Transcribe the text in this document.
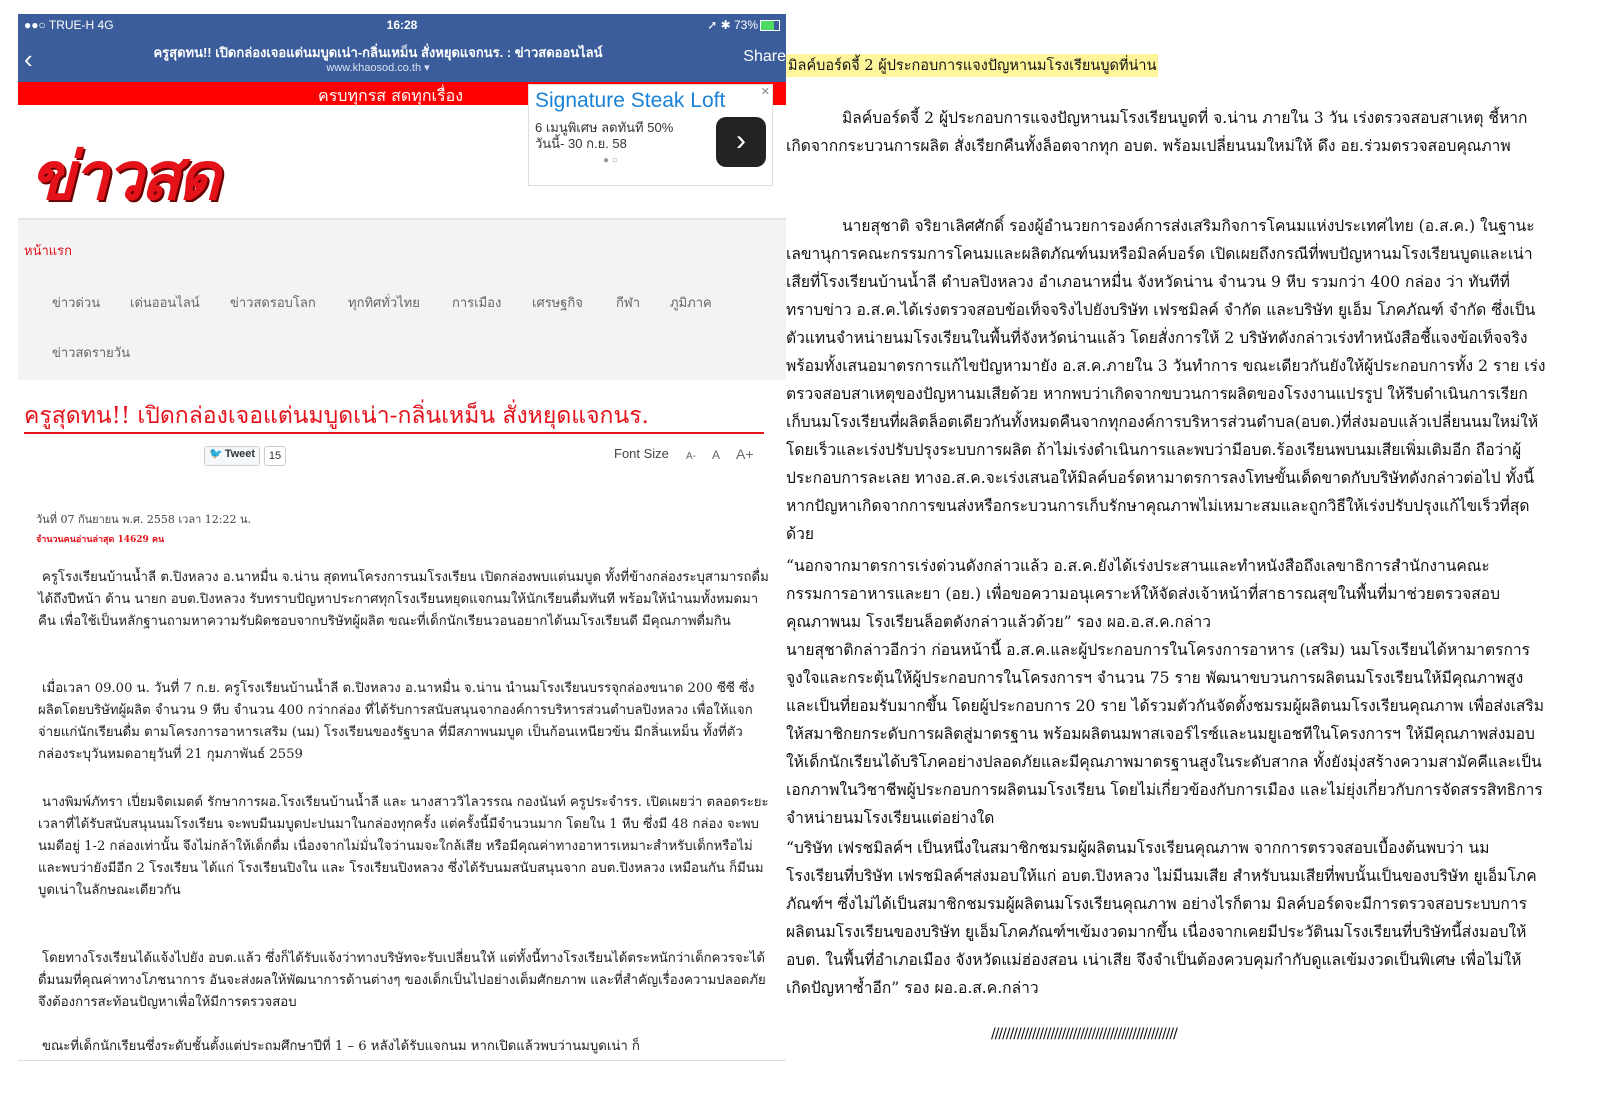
●●○ TRUE-H 4G	16:28	➚ ✱ 73%
‹	ครูสุดทน!! เปิดกล่องเจอแต่นมบูดเน่า-กลิ่นเหม็น สั่งหยุดแจกนร. : ข่าวสดออนไลน์
www.khaosod.co.th ▾
Share
ครบทุกรส สดทุกเรื่อง
ข่าวสด
Signature Steak Loft
6 เมนูพิเศษ ลดทันที 50%
วันนี้- 30 ก.ย. 58	›
✕
● ○
หน้าแรก
ข่าวด่วน เด่นออนไลน์ ข่าวสดรอบโลก ทุกทิศทั่วไทย การเมือง เศรษฐกิจ	กีฬา ภูมิภาค
ข่าวสดรายวัน
ครูสุดทน!! เปิดกล่องเจอแต่นมบูดเน่า-กลิ่นเหม็น สั่งหยุดแจกนร.
🐦 Tweet	15	Font Size A- A A+
วันที่ 07 กันยายน พ.ศ. 2558 เวลา 12:22 น.
จำนวนคนอ่านล่าสุด 14629 คน
ครูโรงเรียนบ้านน้ำลี ต.ปิงหลวง อ.นาหมื่น จ.น่าน สุดทนโครงการนมโรงเรียน เปิดกล่องพบแต่นมบูด ทั้งที่ข้างกล่องระบุสามารถดื่มได้ถึงปีหน้า ด้าน นายก อบต.ปิงหลวง รับทราบปัญหาประกาศทุกโรงเรียนหยุดแจกนมให้นักเรียนดื่มทันที พร้อมให้นำนมทั้งหมดมาคืน เพื่อใช้เป็นหลักฐานถามหาความรับผิดชอบจากบริษัทผู้ผลิต ขณะที่เด็กนักเรียนวอนอยากได้นมโรงเรียนดี มีคุณภาพดื่มกิน
เมื่อเวลา 09.00 น. วันที่ 7 ก.ย. ครูโรงเรียนบ้านน้ำลี ต.ปิงหลวง อ.นาหมื่น จ.น่าน นำนมโรงเรียนบรรจุกล่องขนาด 200 ซีซี ซึ่งผลิตโดยบริษัทผู้ผลิต จำนวน 9 หีบ จำนวน 400 กว่ากล่อง ที่ได้รับการสนับสนุนจากองค์การบริหารส่วนตำบลปิงหลวง เพื่อให้แจกจ่ายแก่นักเรียนดื่ม ตามโครงการอาหารเสริม (นม) โรงเรียนของรัฐบาล ที่มีสภาพนมบูด เป็นก้อนเหนียวข้น มีกลิ่นเหม็น ทั้งที่ตัวกล่องระบุวันหมดอายุวันที่ 21 กุมภาพันธ์ 2559
นางพิมพ์ภัทรา เปี่ยมจิตเมตต์ รักษาการผอ.โรงเรียนบ้านน้ำลี และ นางสาววิไลวรรณ กองนันท์ ครูประจำรร. เปิดเผยว่า ตลอดระยะเวลาที่ได้รับสนับสนุนนมโรงเรียน จะพบมีนมบูดปะปนมาในกล่องทุกครั้ง แต่ครั้งนี้มีจำนวนมาก โดยใน 1 หีบ ซึ่งมี 48 กล่อง จะพบนมดีอยู่ 1-2 กล่องเท่านั้น จึงไม่กล้าให้เด็กดื่ม เนื่องจากไม่มั่นใจว่านมจะใกล้เสีย หรือมีคุณค่าทางอาหารเหมาะสำหรับเด็กหรือไม่ และพบว่ายังมีอีก 2 โรงเรียน ได้แก่ โรงเรียนปิงใน และ โรงเรียนปิงหลวง ซึ่งได้รับนมสนับสนุนจาก อบต.ปิงหลวง เหมือนกัน ก็มีนมบูดเน่าในลักษณะเดียวกัน
โดยทางโรงเรียนได้แจ้งไปยัง อบต.แล้ว ซึ่งก็ได้รับแจ้งว่าทางบริษัทจะรับเปลี่ยนให้ แต่ทั้งนี้ทางโรงเรียนได้ตระหนักว่าเด็กควรจะได้ดื่มนมที่คุณค่าทางโภชนาการ อันจะส่งผลให้พัฒนาการด้านต่างๆ ของเด็กเป็นไปอย่างเต็มศักยภาพ และที่สำคัญเรื่องความปลอดภัย จึงต้องการสะท้อนปัญหาเพื่อให้มีการตรวจสอบ
ขณะที่เด็กนักเรียนซึ่งระดับชั้นตั้งแต่ประถมศึกษาปีที่ 1 – 6 หลังได้รับแจกนม หากเปิดแล้วพบว่านมบูดเน่า ก็
มิลค์บอร์ดจี้ 2 ผู้ประกอบการแจงปัญหานมโรงเรียนบูดที่น่าน
มิลค์บอร์ดจี้ 2 ผู้ประกอบการแจงปัญหานมโรงเรียนบูดที่ จ.น่าน ภายใน 3 วัน เร่งตรวจสอบสาเหตุ ชี้หากเกิดจากกระบวนการผลิต สั่งเรียกคืนทั้งล็อตจากทุก อบต. พร้อมเปลี่ยนนมใหม่ให้ ดึง อย.ร่วมตรวจสอบคุณภาพ
นายสุชาติ จริยาเลิศศักดิ์ รองผู้อำนวยการองค์การส่งเสริมกิจการโคนมแห่งประเทศไทย (อ.ส.ค.) ในฐานะเลขานุการคณะกรรมการโคนมและผลิตภัณฑ์นมหรือมิลค์บอร์ด เปิดเผยถึงกรณีที่พบปัญหานมโรงเรียนบูดและเน่าเสียที่โรงเรียนบ้านน้ำลี ตำบลปิงหลวง อำเภอนาหมื่น จังหวัดน่าน จำนวน 9 หีบ รวมกว่า 400 กล่อง ว่า ทันทีที่ทราบข่าว อ.ส.ค.ได้เร่งตรวจสอบข้อเท็จจริงไปยังบริษัท เฟรชมิลค์ จำกัด และบริษัท ยูเอ็ม โภคภัณฑ์ จำกัด ซึ่งเป็นตัวแทนจำหน่ายนมโรงเรียนในพื้นที่จังหวัดน่านแล้ว โดยสั่งการให้ 2 บริษัทดังกล่าวเร่งทำหนังสือชี้แจงข้อเท็จจริง พร้อมทั้งเสนอมาตรการแก้ไขปัญหามายัง อ.ส.ค.ภายใน 3 วันทำการ ขณะเดียวกันยังให้ผู้ประกอบการทั้ง 2 ราย เร่งตรวจสอบสาเหตุของปัญหานมเสียด้วย หากพบว่าเกิดจากขบวนการผลิตของโรงงานแปรรูป ให้รีบดำเนินการเรียกเก็บนมโรงเรียนที่ผลิตล็อตเดียวกันทั้งหมดคืนจากทุกองค์การบริหารส่วนตำบล(อบต.)ที่ส่งมอบแล้วเปลี่ยนนมใหม่ให้โดยเร็วและเร่งปรับปรุงระบบการผลิต ถ้าไม่เร่งดำเนินการและพบว่ามีอบต.ร้องเรียนพบนมเสียเพิ่มเติมอีก ถือว่าผู้ประกอบการละเลย ทางอ.ส.ค.จะเร่งเสนอให้มิลค์บอร์ดหามาตรการลงโทษขั้นเด็ดขาดกับบริษัทดังกล่าวต่อไป ทั้งนี้ หากปัญหาเกิดจากการขนส่งหรือกระบวนการเก็บรักษาคุณภาพไม่เหมาะสมและถูกวิธีให้เร่งปรับปรุงแก้ไขเร็วที่สุดด้วย
“นอกจากมาตรการเร่งด่วนดังกล่าวแล้ว อ.ส.ค.ยังได้เร่งประสานและทำหนังสือถึงเลขาธิการสำนักงานคณะกรรมการอาหารและยา (อย.) เพื่อขอความอนุเคราะห์ให้จัดส่งเจ้าหน้าที่สาธารณสุขในพื้นที่มาช่วยตรวจสอบคุณภาพนม โรงเรียนล็อตดังกล่าวแล้วด้วย” รอง ผอ.อ.ส.ค.กล่าว
นายสุชาติกล่าวอีกว่า ก่อนหน้านี้ อ.ส.ค.และผู้ประกอบการในโครงการอาหาร (เสริม) นมโรงเรียนได้หามาตรการจูงใจและกระตุ้นให้ผู้ประกอบการในโครงการฯ จำนวน 75 ราย พัฒนาขบวนการผลิตนมโรงเรียนให้มีคุณภาพสูงและเป็นที่ยอมรับมากขึ้น โดยผู้ประกอบการ 20 ราย ได้รวมตัวกันจัดตั้งชมรมผู้ผลิตนมโรงเรียนคุณภาพ เพื่อส่งเสริมให้สมาชิกยกระดับการผลิตสู่มาตรฐาน พร้อมผลิตนมพาสเจอร์ไรซ์และนมยูเอชทีในโครงการฯ ให้มีคุณภาพส่งมอบให้เด็กนักเรียนได้บริโภคอย่างปลอดภัยและมีคุณภาพมาตรฐานสูงในระดับสากล ทั้งยังมุ่งสร้างความสามัคคีและเป็นเอกภาพในวิชาชีพผู้ประกอบการผลิตนมโรงเรียน โดยไม่เกี่ยวข้องกับการเมือง และไม่ยุ่งเกี่ยวกับการจัดสรรสิทธิการจำหน่ายนมโรงเรียนแต่อย่างใด
“บริษัท เฟรชมิลค์ฯ เป็นหนึ่งในสมาชิกชมรมผู้ผลิตนมโรงเรียนคุณภาพ จากการตรวจสอบเบื้องต้นพบว่า นมโรงเรียนที่บริษัท เฟรชมิลค์ฯส่งมอบให้แก่ อบต.ปิงหลวง ไม่มีนมเสีย สำหรับนมเสียที่พบนั้นเป็นของบริษัท ยูเอ็มโภคภัณฑ์ฯ ซึ่งไม่ได้เป็นสมาชิกชมรมผู้ผลิตนมโรงเรียนคุณภาพ อย่างไรก็ตาม มิลค์บอร์ดจะมีการตรวจสอบระบบการผลิตนมโรงเรียนของบริษัท ยูเอ็มโภคภัณฑ์ฯเข้มงวดมากขึ้น เนื่องจากเคยมีประวัตินมโรงเรียนที่บริษัทนี้ส่งมอบให้ อบต. ในพื้นที่อำเภอเมือง จังหวัดแม่ฮ่องสอน เน่าเสีย จึงจำเป็นต้องควบคุมกำกับดูแลเข้มงวดเป็นพิเศษ เพื่อไม่ให้เกิดปัญหาซ้ำอีก” รอง ผอ.อ.ส.ค.กล่าว
//////////////////////////////////////////////////
